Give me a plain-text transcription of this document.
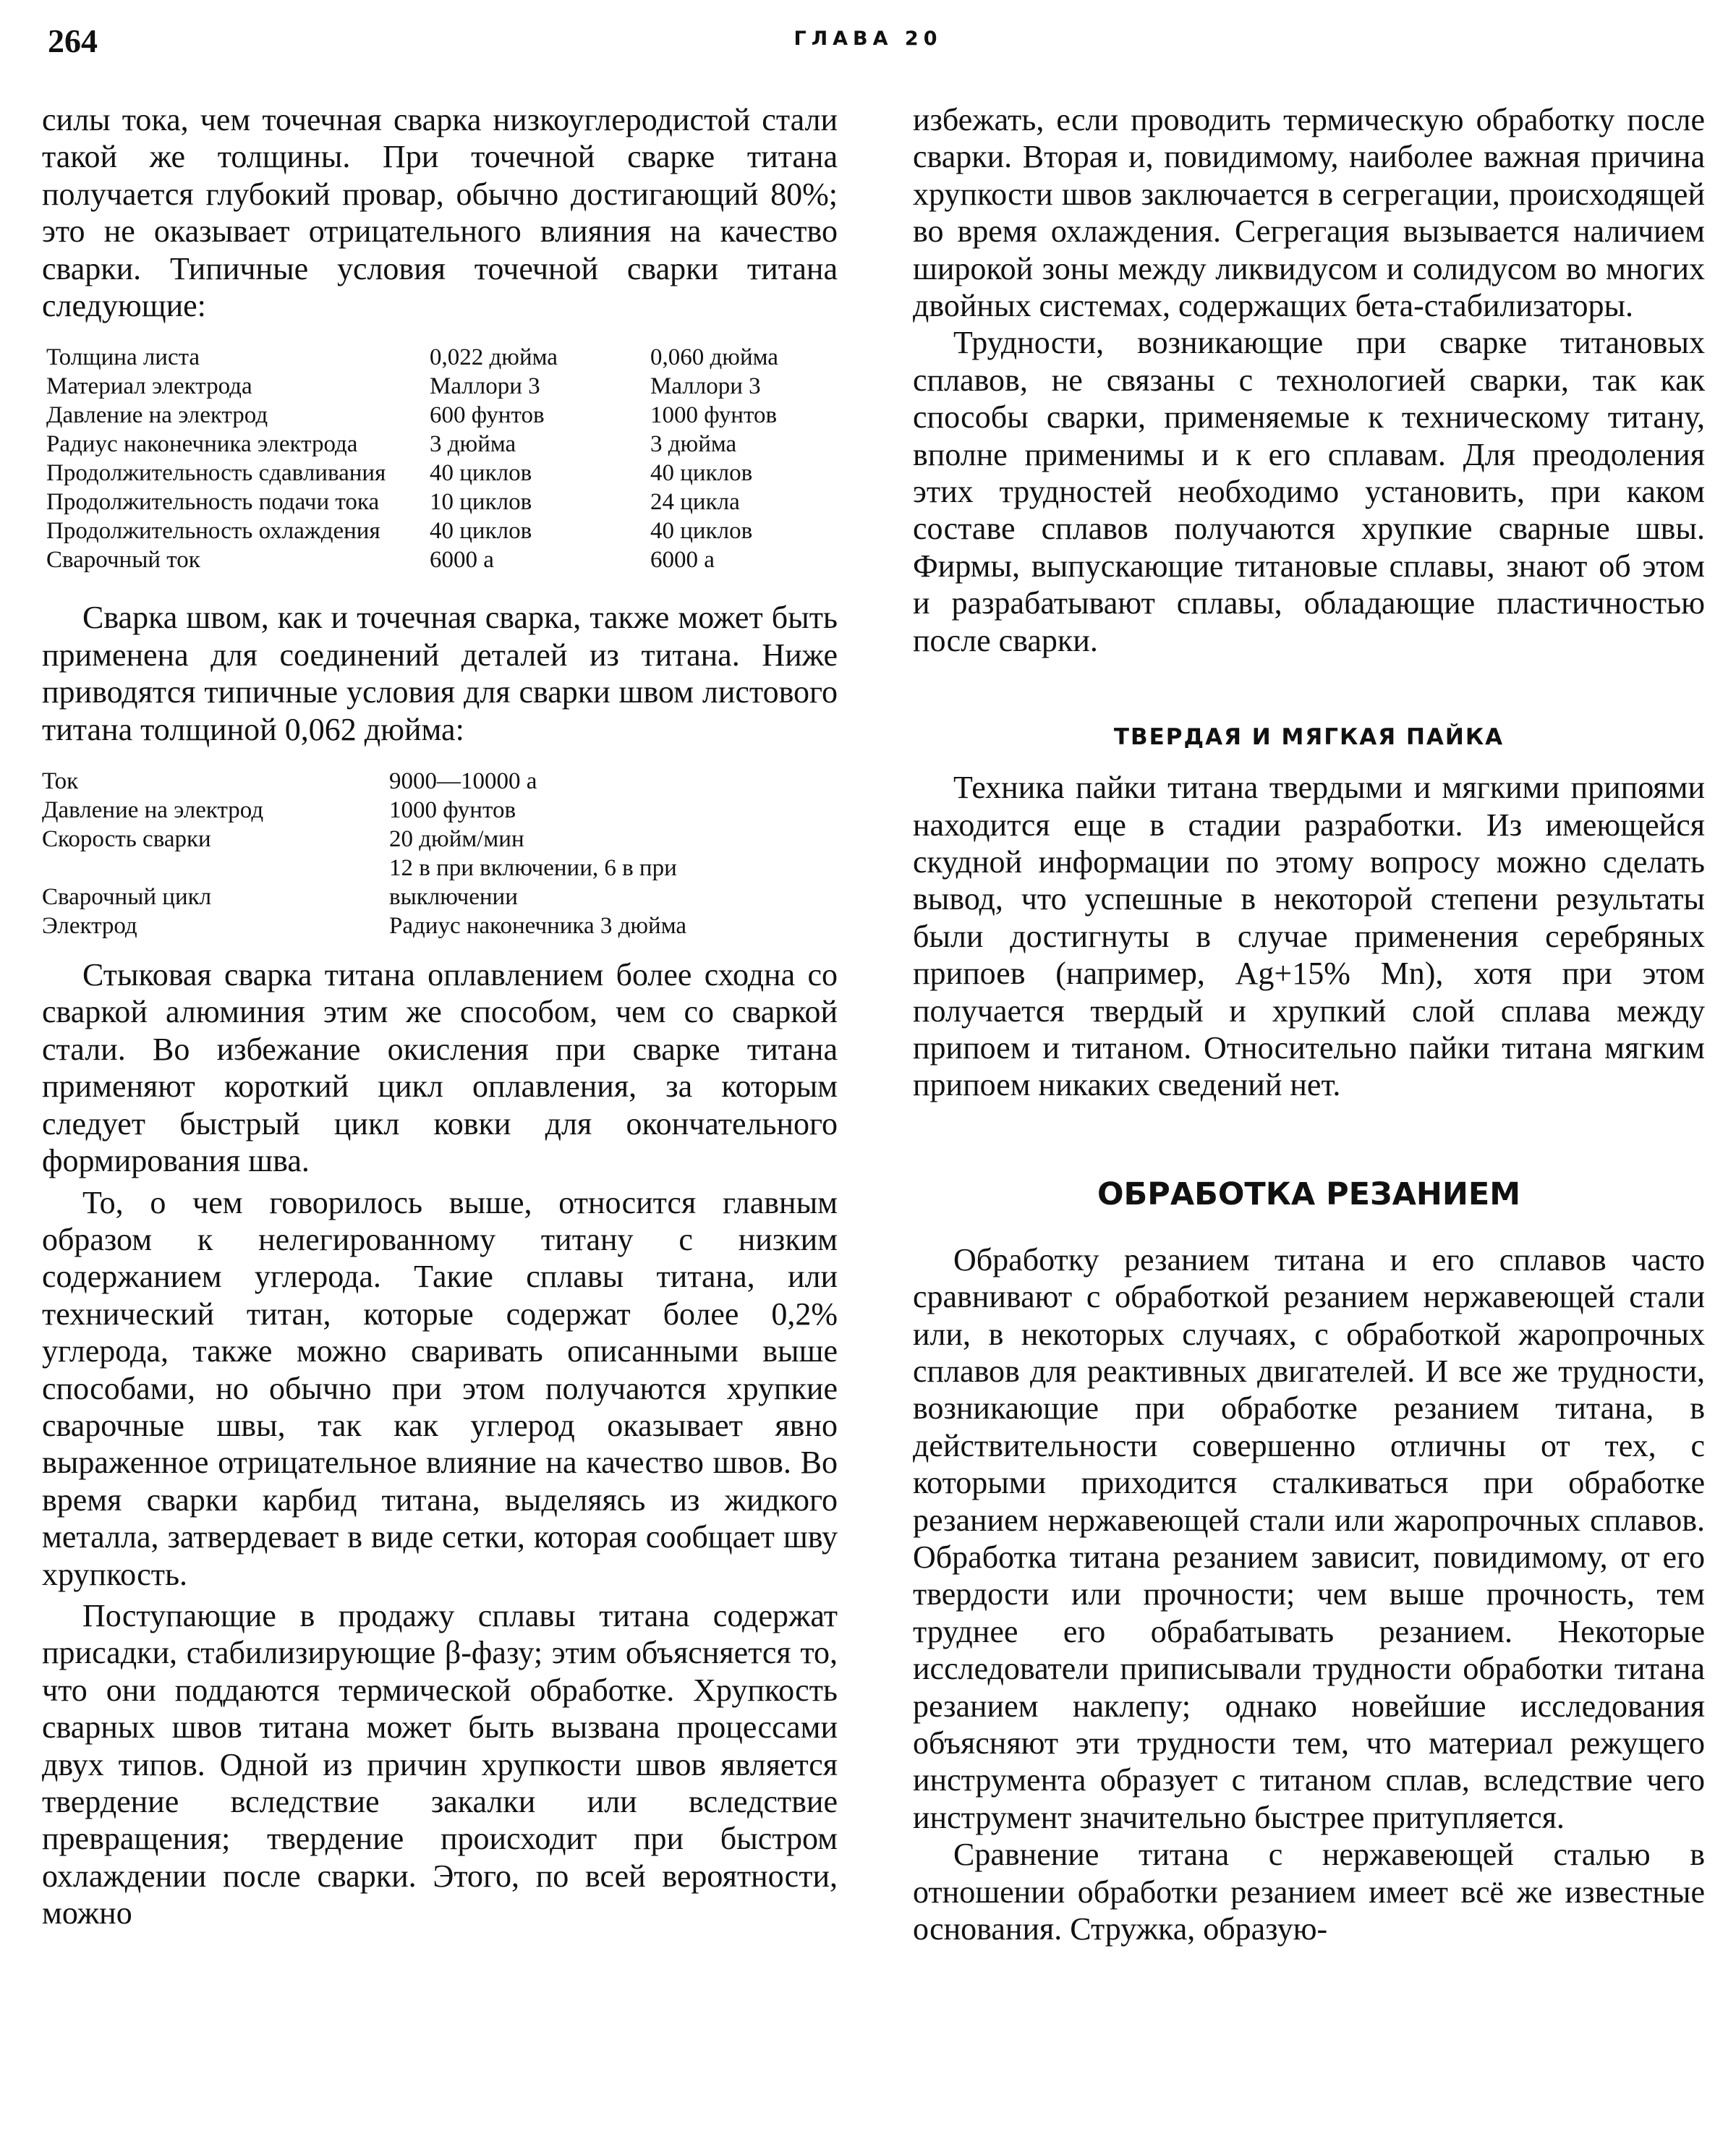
264	ГЛАВА 20

силы тока, чем точечная сварка низкоуглеродистой стали такой же толщины. При точечной сварке титана получается глубокий провар, обычно достигающий 80%; это не оказывает отрицательного влияния на качество сварки. Типичные условия точечной сварки титана следующие:

Толщина листа	0,022 дюйма	0,060 дюйма
Материал электрода	Маллори 3	Маллори 3
Давление на электрод	600 фунтов	1000 фунтов
Радиус наконечника электрода	3 дюйма	3 дюйма
Продолжительность сдавливания	40 циклов	40 циклов
Продолжительность подачи тока	10 циклов	24 цикла
Продолжительность охлаждения	40 циклов	40 циклов
Сварочный ток	6000 а	6000 а

Сварка швом, как и точечная сварка, также может быть применена для соединений деталей из титана. Ниже приводятся типичные условия для сварки швом листового титана толщиной 0,062 дюйма:

Ток	9000—10000 а
Давление на электрод	1000 фунтов
Скорость сварки	20 дюйм/мин
Сварочный цикл	12 в при включении, 6 в при выключении
Электрод	Радиус наконечника 3 дюйма

Стыковая сварка титана оплавлением более сходна со сваркой алюминия этим же способом, чем со сваркой стали. Во избежание окисления при сварке титана применяют короткий цикл оплавления, за которым следует быстрый цикл ковки для окончательного формирования шва.

То, о чем говорилось выше, относится главным образом к нелегированному титану с низким содержанием углерода. Такие сплавы титана, или технический титан, которые содержат более 0,2% углерода, также можно сваривать описанными выше способами, но обычно при этом получаются хрупкие сварочные швы, так как углерод оказывает явно выраженное отрицательное влияние на качество швов. Во время сварки карбид титана, выделяясь из жидкого металла, затвердевает в виде сетки, которая сообщает шву хрупкость.

Поступающие в продажу сплавы титана содержат присадки, стабилизирующие β-фазу; этим объясняется то, что они поддаются термической обработке. Хрупкость сварных швов титана может быть вызвана процессами двух типов. Одной из причин хрупкости швов является твердение вследствие закалки или вследствие превращения; твердение происходит при быстром охлаждении после сварки. Этого, по всей вероятности, можно

избежать, если проводить термическую обработку после сварки. Вторая и, повидимому, наиболее важная причина хрупкости швов заключается в сегрегации, происходящей во время охлаждения. Сегрегация вызывается наличием широкой зоны между ликвидусом и солидусом во многих двойных системах, содержащих бета-стабилизаторы.

Трудности, возникающие при сварке титановых сплавов, не связаны с технологией сварки, так как способы сварки, применяемые к техническому титану, вполне применимы и к его сплавам. Для преодоления этих трудностей необходимо установить, при каком составе сплавов получаются хрупкие сварные швы. Фирмы, выпускающие титановые сплавы, знают об этом и разрабатывают сплавы, обладающие пластичностью после сварки.

ТВЕРДАЯ И МЯГКАЯ ПАЙКА

Техника пайки титана твердыми и мягкими припоями находится еще в стадии разработки. Из имеющейся скудной информации по этому вопросу можно сделать вывод, что успешные в некоторой степени результаты были достигнуты в случае применения серебряных припоев (например, Ag+15% Mn), хотя при этом получается твердый и хрупкий слой сплава между припоем и титаном. Относительно пайки титана мягким припоем никаких сведений нет.

ОБРАБОТКА РЕЗАНИЕМ

Обработку резанием титана и его сплавов часто сравнивают с обработкой резанием нержавеющей стали или, в некоторых случаях, с обработкой жаропрочных сплавов для реактивных двигателей. И все же трудности, возникающие при обработке резанием титана, в действительности совершенно отличны от тех, с которыми приходится сталкиваться при обработке резанием нержавеющей стали или жаропрочных сплавов. Обработка титана резанием зависит, повидимому, от его твердости или прочности; чем выше прочность, тем труднее его обрабатывать резанием. Некоторые исследователи приписывали трудности обработки титана резанием наклепу; однако новейшие исследования объясняют эти трудности тем, что материал режущего инструмента образует с титаном сплав, вследствие чего инструмент значительно быстрее притупляется.

Сравнение титана с нержавеющей сталью в отношении обработки резанием имеет всё же известные основания. Стружка, образую-
